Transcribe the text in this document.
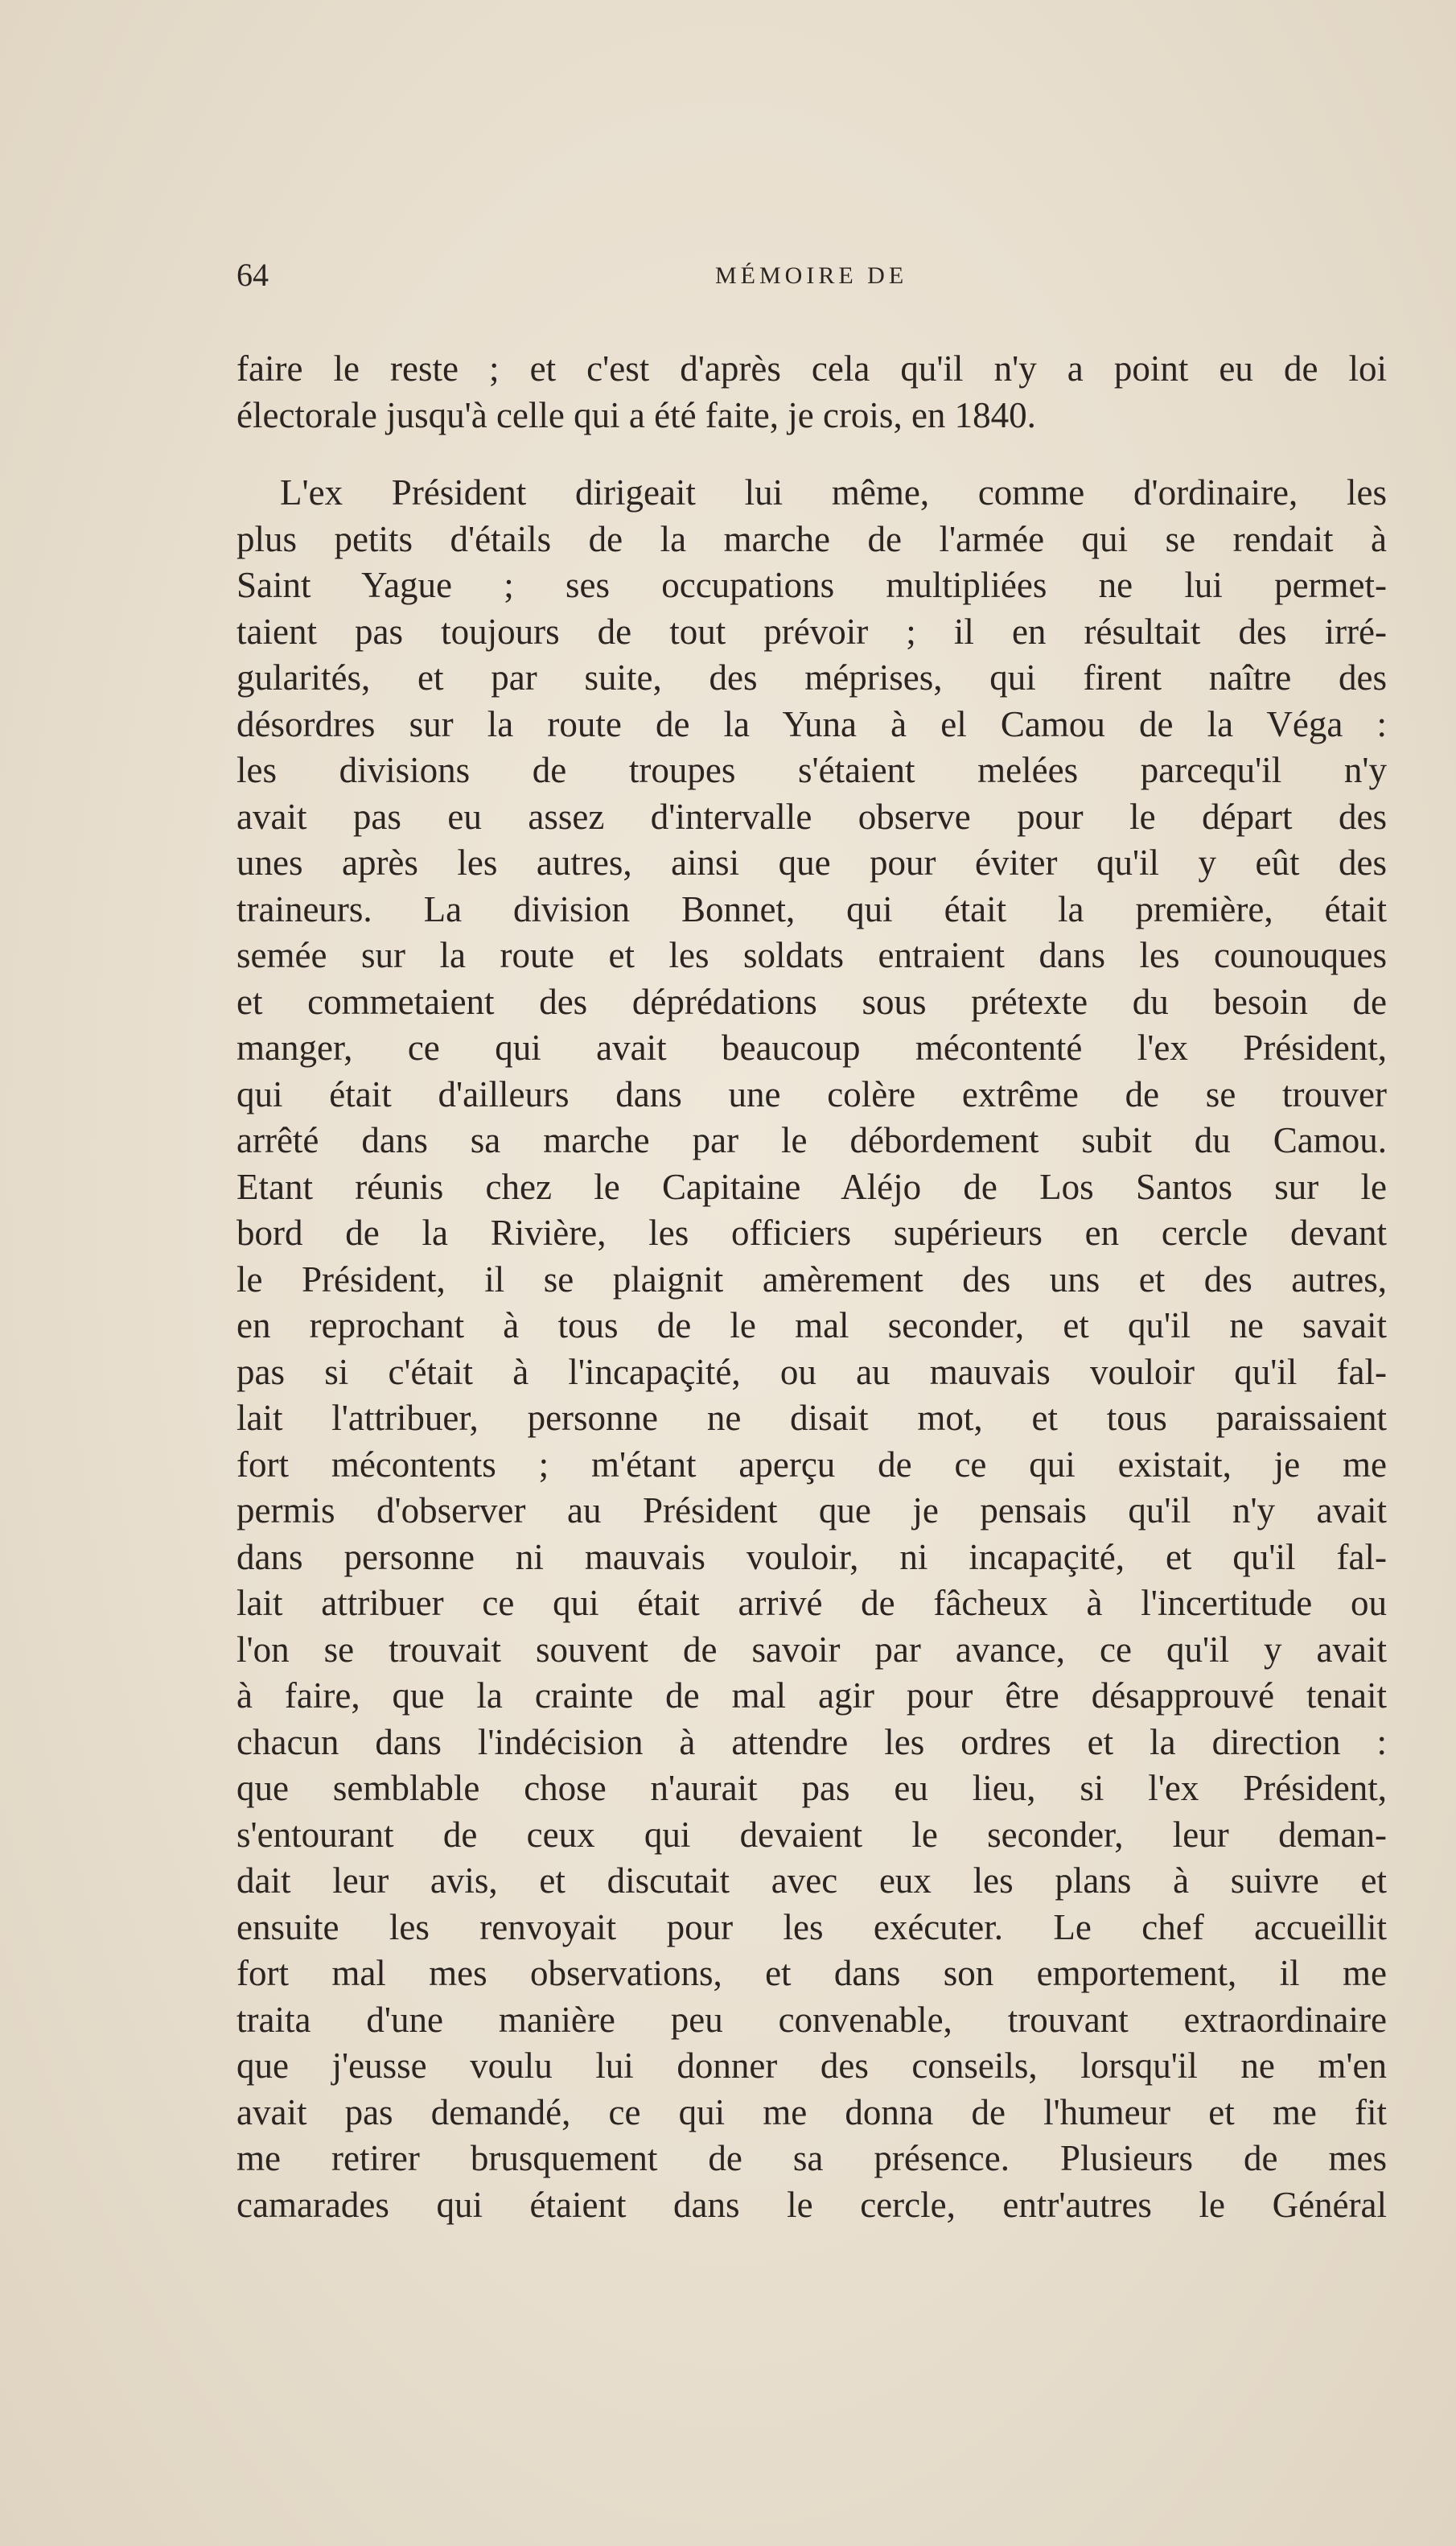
64	MÉMOIRE DE
faire le reste ; et c'est d'après cela qu'il n'y a point eu de loi
électorale jusqu'à celle qui a été faite, je crois, en 1840.
L'ex Président dirigeait lui même, comme d'ordinaire, les
plus petits d'étails de la marche de l'armée qui se rendait à
Saint Yague ; ses occupations multipliées ne lui permet-
taient pas toujours de tout prévoir ; il en résultait des irré-
gularités, et par suite, des méprises, qui firent naître des
désordres sur la route de la Yuna à el Camou de la Véga :
les divisions de troupes s'étaient melées parcequ'il n'y
avait pas eu assez d'intervalle observe pour le départ des
unes après les autres, ainsi que pour éviter qu'il y eût des
traineurs. La division Bonnet, qui était la première, était
semée sur la route et les soldats entraient dans les counouques
et commetaient des déprédations sous prétexte du besoin de
manger, ce qui avait beaucoup mécontenté l'ex Président,
qui était d'ailleurs dans une colère extrême de se trouver
arrêté dans sa marche par le débordement subit du Camou.
Etant réunis chez le Capitaine Aléjo de Los Santos sur le
bord de la Rivière, les officiers supérieurs en cercle devant
le Président, il se plaignit amèrement des uns et des autres,
en reprochant à tous de le mal seconder, et qu'il ne savait
pas si c'était à l'incapaçité, ou au mauvais vouloir qu'il fal-
lait l'attribuer, personne ne disait mot, et tous paraissaient
fort mécontents ; m'étant aperçu de ce qui existait, je me
permis d'observer au Président que je pensais qu'il n'y avait
dans personne ni mauvais vouloir, ni incapaçité, et qu'il fal-
lait attribuer ce qui était arrivé de fâcheux à l'incertitude ou
l'on se trouvait souvent de savoir par avance, ce qu'il y avait
à faire, que la crainte de mal agir pour être désapprouvé tenait
chacun dans l'indécision à attendre les ordres et la direction :
que semblable chose n'aurait pas eu lieu, si l'ex Président,
s'entourant de ceux qui devaient le seconder, leur deman-
dait leur avis, et discutait avec eux les plans à suivre et
ensuite les renvoyait pour les exécuter. Le chef accueillit
fort mal mes observations, et dans son emportement, il me
traita d'une manière peu convenable, trouvant extraordinaire
que j'eusse voulu lui donner des conseils, lorsqu'il ne m'en
avait pas demandé, ce qui me donna de l'humeur et me fit
me retirer brusquement de sa présence. Plusieurs de mes
camarades qui étaient dans le cercle, entr'autres le Général
